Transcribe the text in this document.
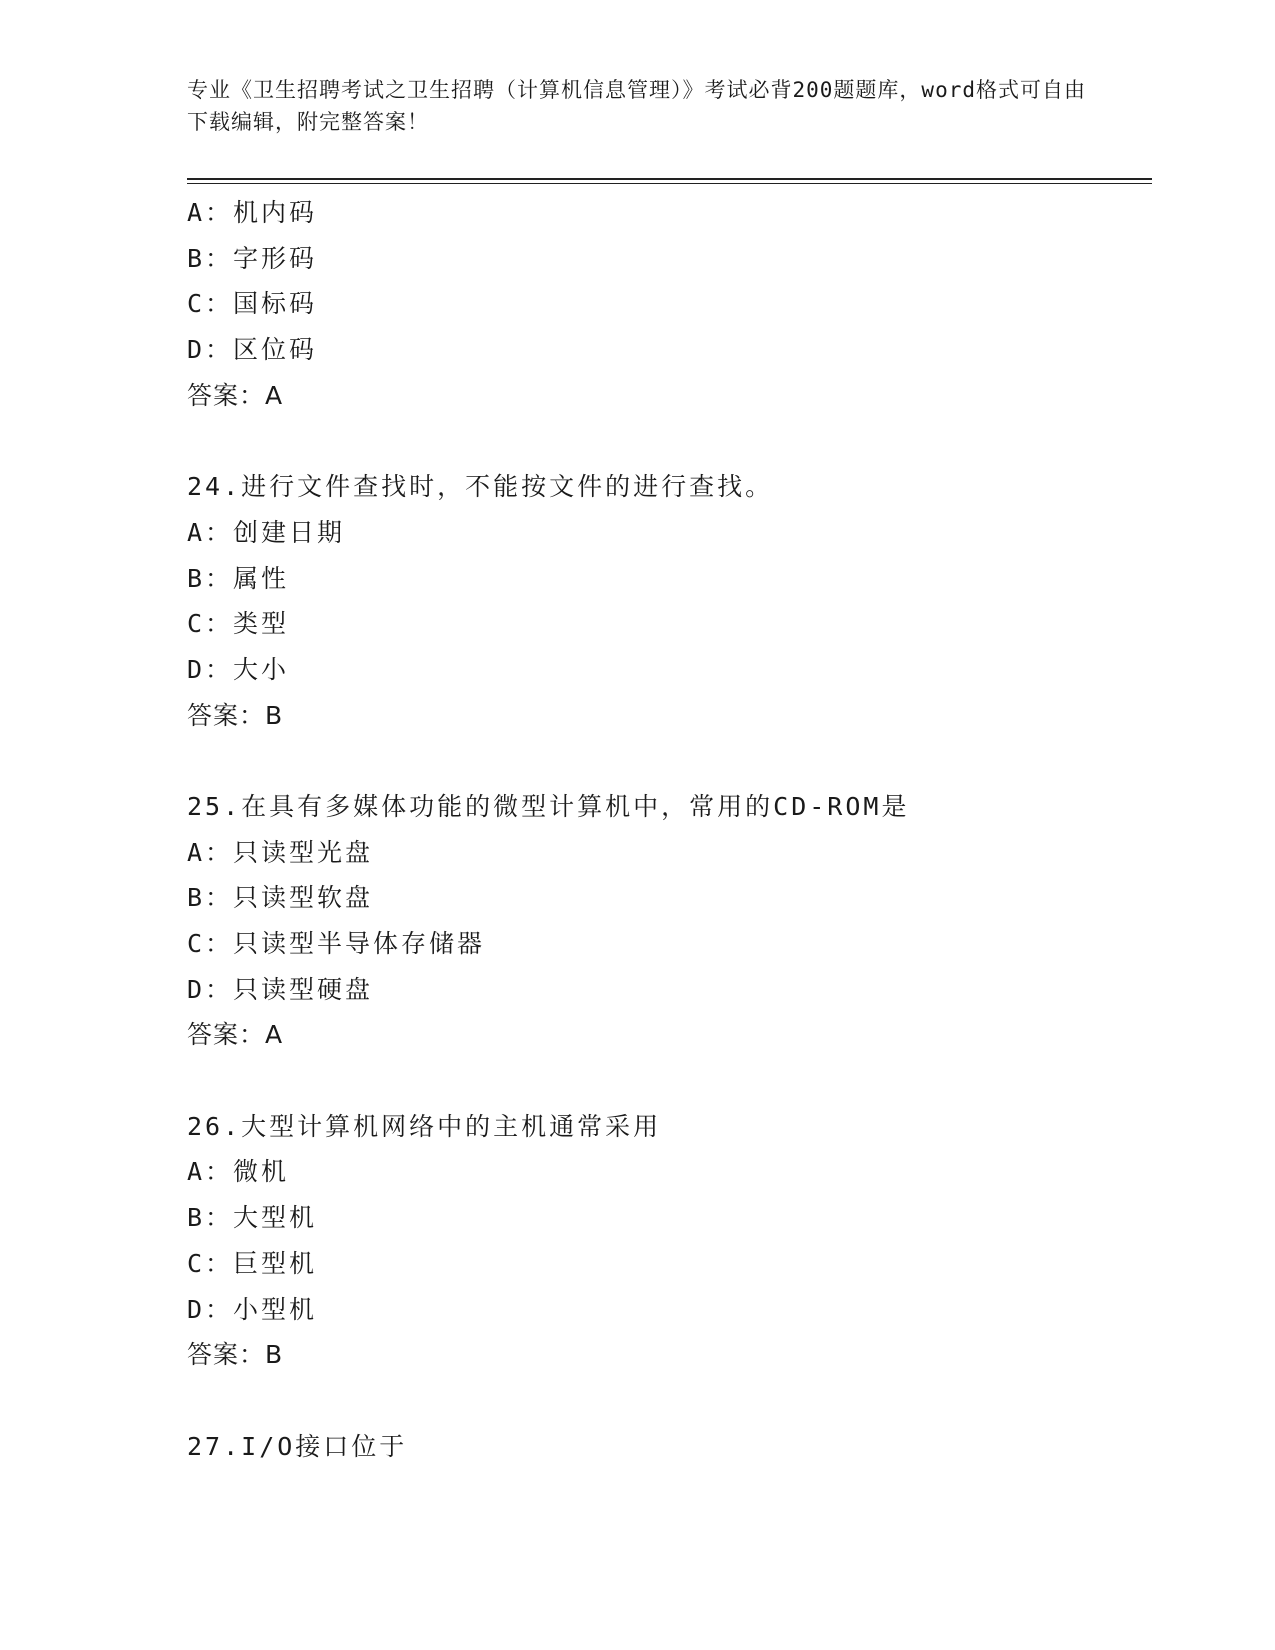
专业《卫生招聘考试之卫生招聘（计算机信息管理）》考试必背200题题库，word格式可自由下载编辑，附完整答案！
A：机内码
B：字形码
C：国标码
D：区位码
答案：A
24.进行文件查找时，不能按文件的进行查找。
A：创建日期
B：属性
C：类型
D：大小
答案：B
25.在具有多媒体功能的微型计算机中，常用的CD-ROM是
A：只读型光盘
B：只读型软盘
C：只读型半导体存储器
D：只读型硬盘
答案：A
26.大型计算机网络中的主机通常采用
A：微机
B：大型机
C：巨型机
D：小型机
答案：B
27.I/O接口位于
